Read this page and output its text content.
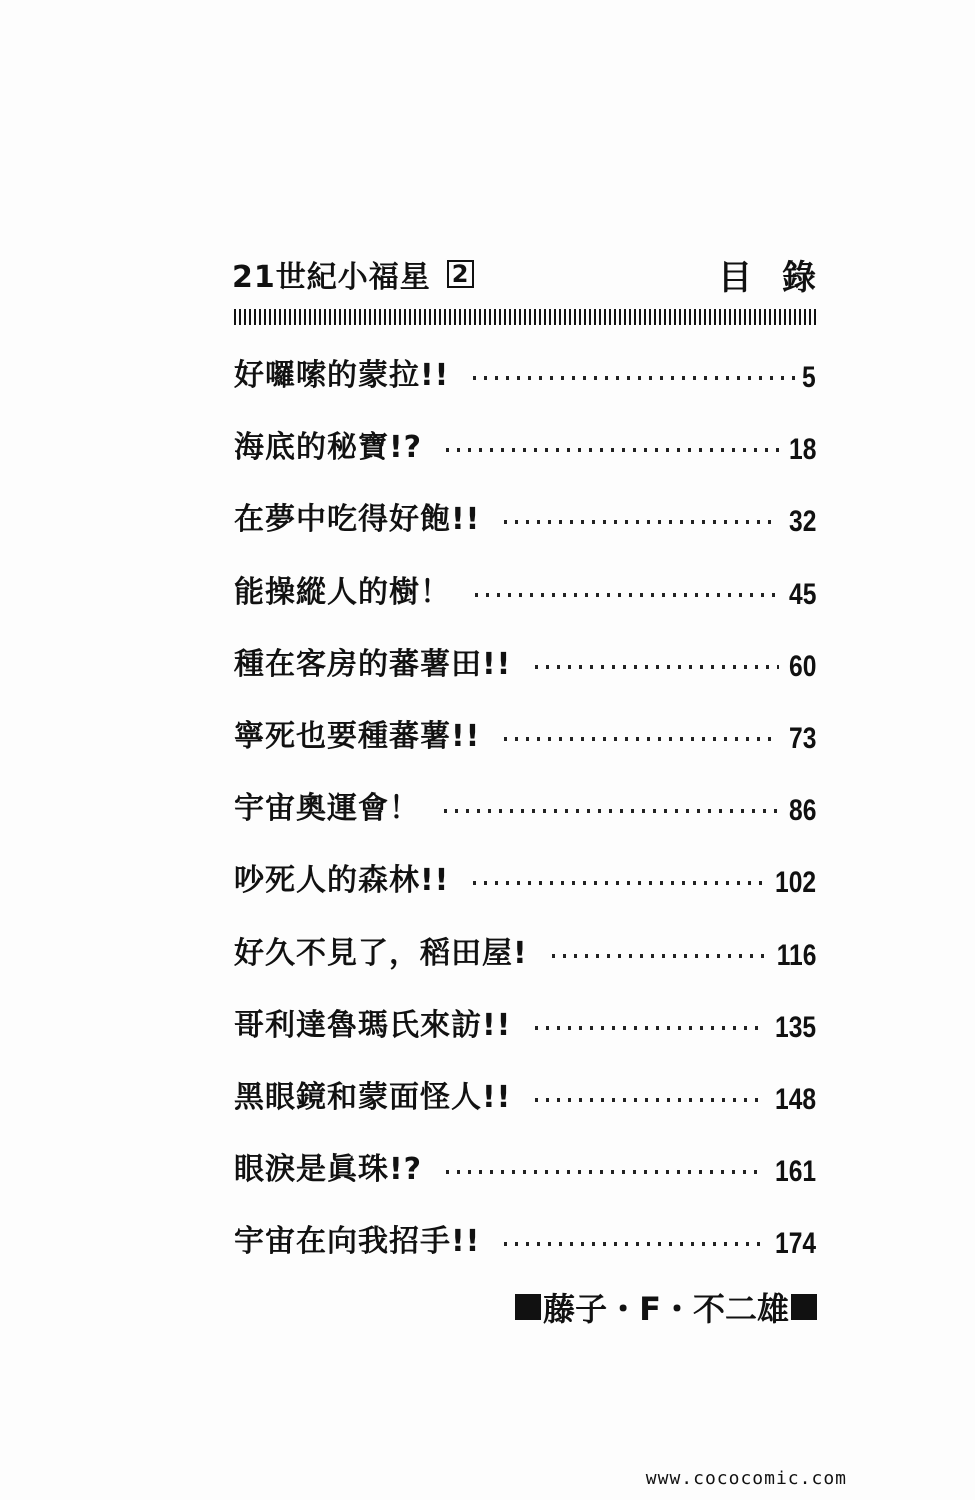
21世紀小福星 2	目錄
好囉嗦的蒙拉!!	5
海底的秘寶!?	18
在夢中吃得好飽!!	32
能操縱人的樹！	45
種在客房的蕃薯田!!	60
寧死也要種蕃薯!!	73
宇宙奧運會！	86
吵死人的森林!!	102
好久不見了，稻田屋!	116
哥利達魯瑪氏來訪!!	135
黑眼鏡和蒙面怪人!!	148
眼淚是眞珠!?	161
宇宙在向我招手!!	174
藤子・F・不二雄
www.cococomic.com
